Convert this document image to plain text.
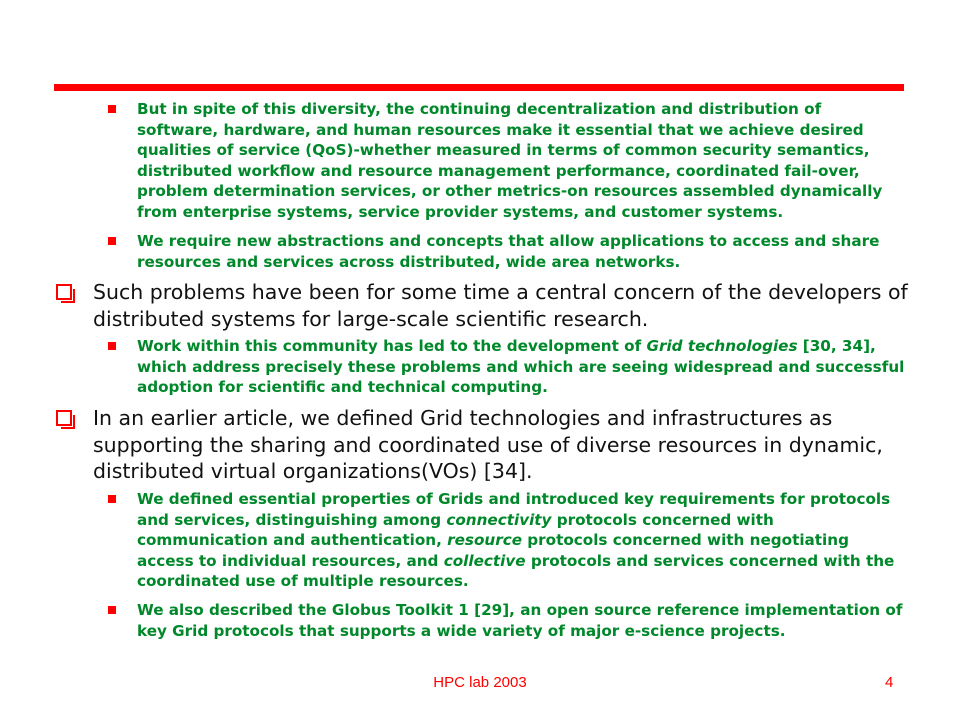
But in spite of this diversity, the continuing decentralization and distribution of software, hardware, and human resources make it essential that we achieve desired qualities of service (QoS)-whether measured in terms of common security semantics, distributed workflow and resource management performance, coordinated fail-over, problem determination services, or other metrics-on resources assembled dynamically from enterprise systems, service provider systems, and customer systems.
We require new abstractions and concepts that allow applications to access and share resources and services across distributed, wide area networks.
Such problems have been for some time a central concern of the developers of distributed systems for large-scale scientific research.
Work within this community has led to the development of Grid technologies [30, 34], which address precisely these problems and which are seeing widespread and successful adoption for scientific and technical computing.
In an earlier article, we defined Grid technologies and infrastructures as supporting the sharing and coordinated use of diverse resources in dynamic, distributed virtual organizations(VOs) [34].
We defined essential properties of Grids and introduced key requirements for protocols and services, distinguishing among connectivity protocols concerned with communication and authentication, resource protocols concerned with negotiating access to individual resources, and collective protocols and services concerned with the coordinated use of multiple resources.
We also described the Globus Toolkit 1 [29], an open source reference implementation of key Grid protocols that supports a wide variety of major e-science projects.
HPC lab 2003	4
